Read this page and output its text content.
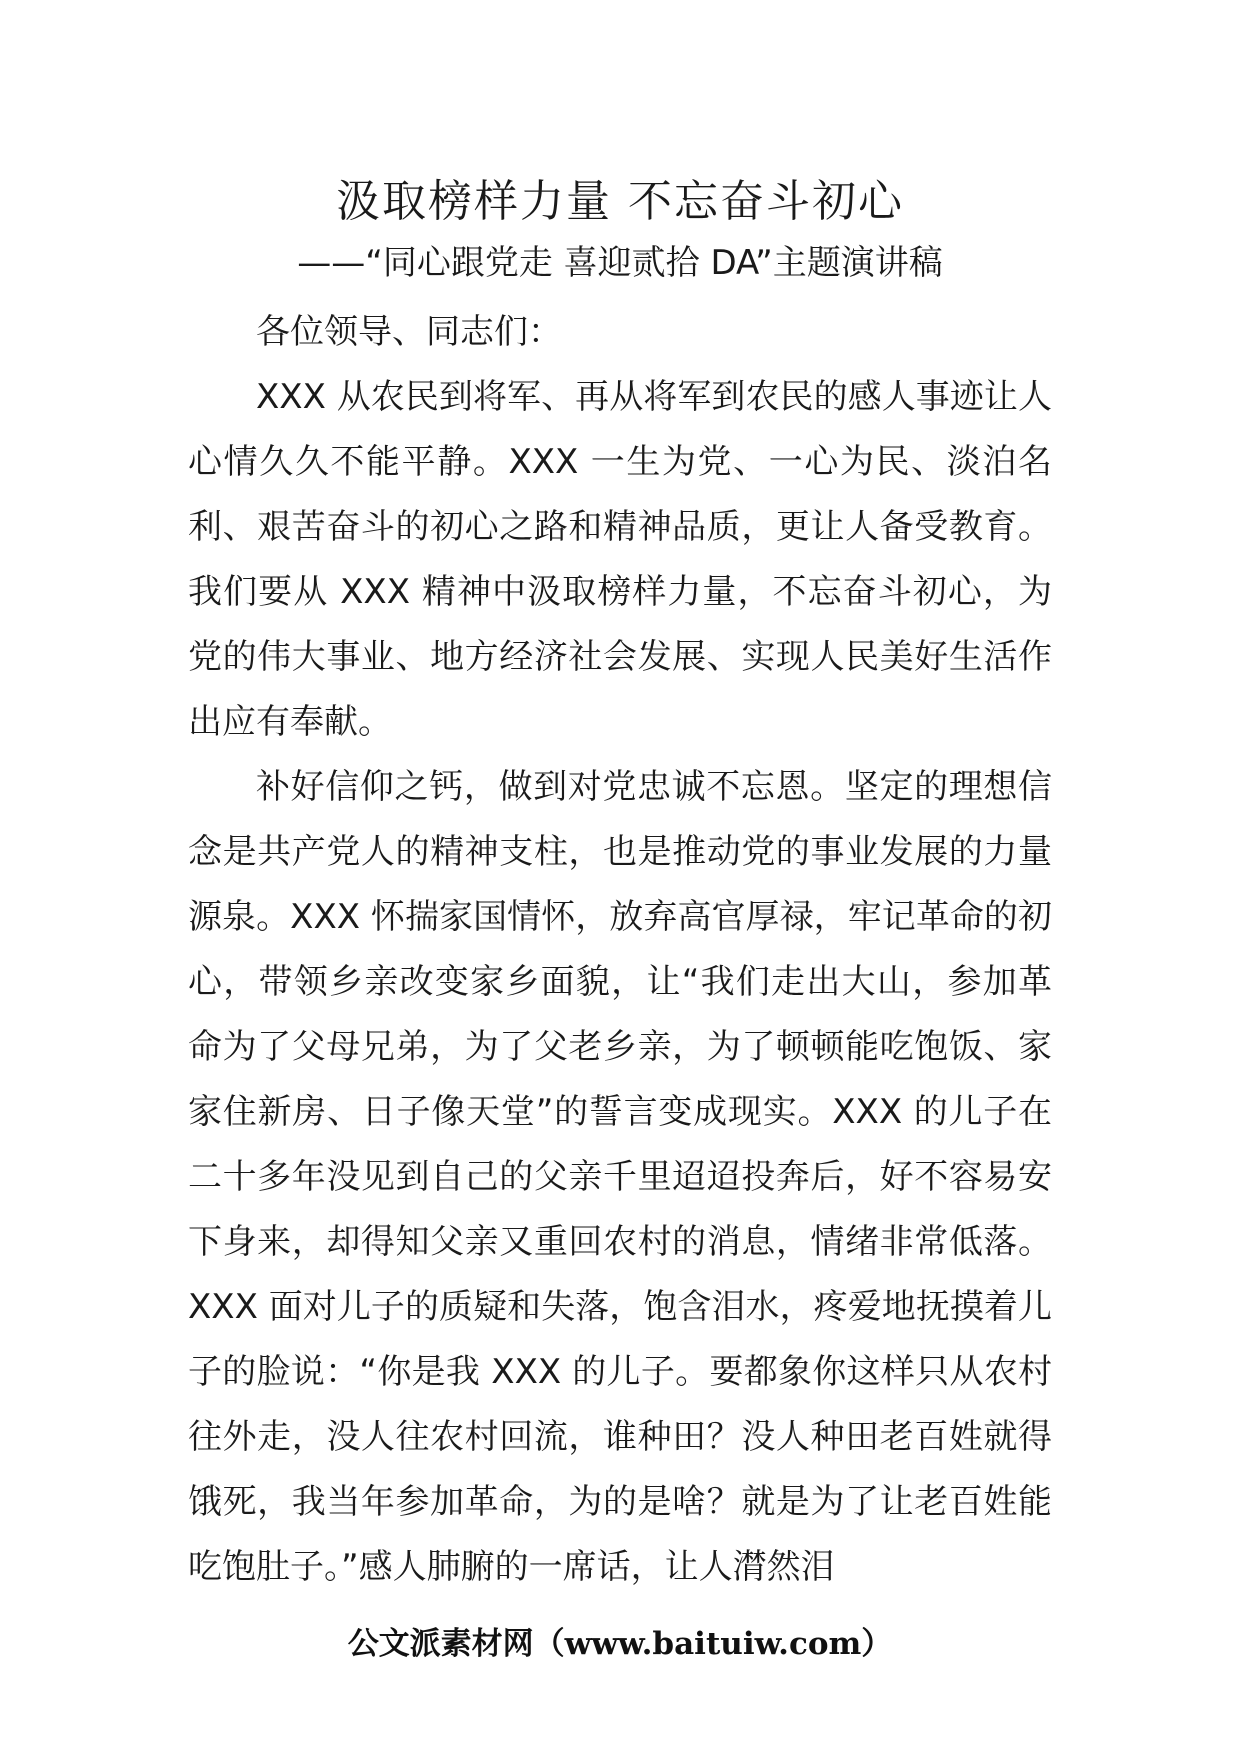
汲取榜样力量 不忘奋斗初心
——“同心跟党走 喜迎贰拾 DA”主题演讲稿

各位领导、同志们：

XXX 从农民到将军、再从将军到农民的感人事迹让人心情久久不能平静。XXX 一生为党、一心为民、淡泊名利、艰苦奋斗的初心之路和精神品质，更让人备受教育。我们要从 XXX 精神中汲取榜样力量，不忘奋斗初心，为党的伟大事业、地方经济社会发展、实现人民美好生活作出应有奉献。

补好信仰之钙，做到对党忠诚不忘恩。坚定的理想信念是共产党人的精神支柱，也是推动党的事业发展的力量源泉。XXX 怀揣家国情怀，放弃高官厚禄，牢记革命的初心，带领乡亲改变家乡面貌，让“我们走出大山，参加革命为了父母兄弟，为了父老乡亲，为了顿顿能吃饱饭、家家住新房、日子像天堂”的誓言变成现实。XXX 的儿子在二十多年没见到自己的父亲千里迢迢投奔后，好不容易安下身来，却得知父亲又重回农村的消息，情绪非常低落。XXX 面对儿子的质疑和失落，饱含泪水，疼爱地抚摸着儿子的脸说：“你是我 XXX 的儿子。要都象你这样只从农村往外走，没人往农村回流，谁种田？没人种田老百姓就得饿死，我当年参加革命，为的是啥？就是为了让老百姓能吃饱肚子。”感人肺腑的一席话，让人潸然泪

公文派素材网（www.baituiw.com）
